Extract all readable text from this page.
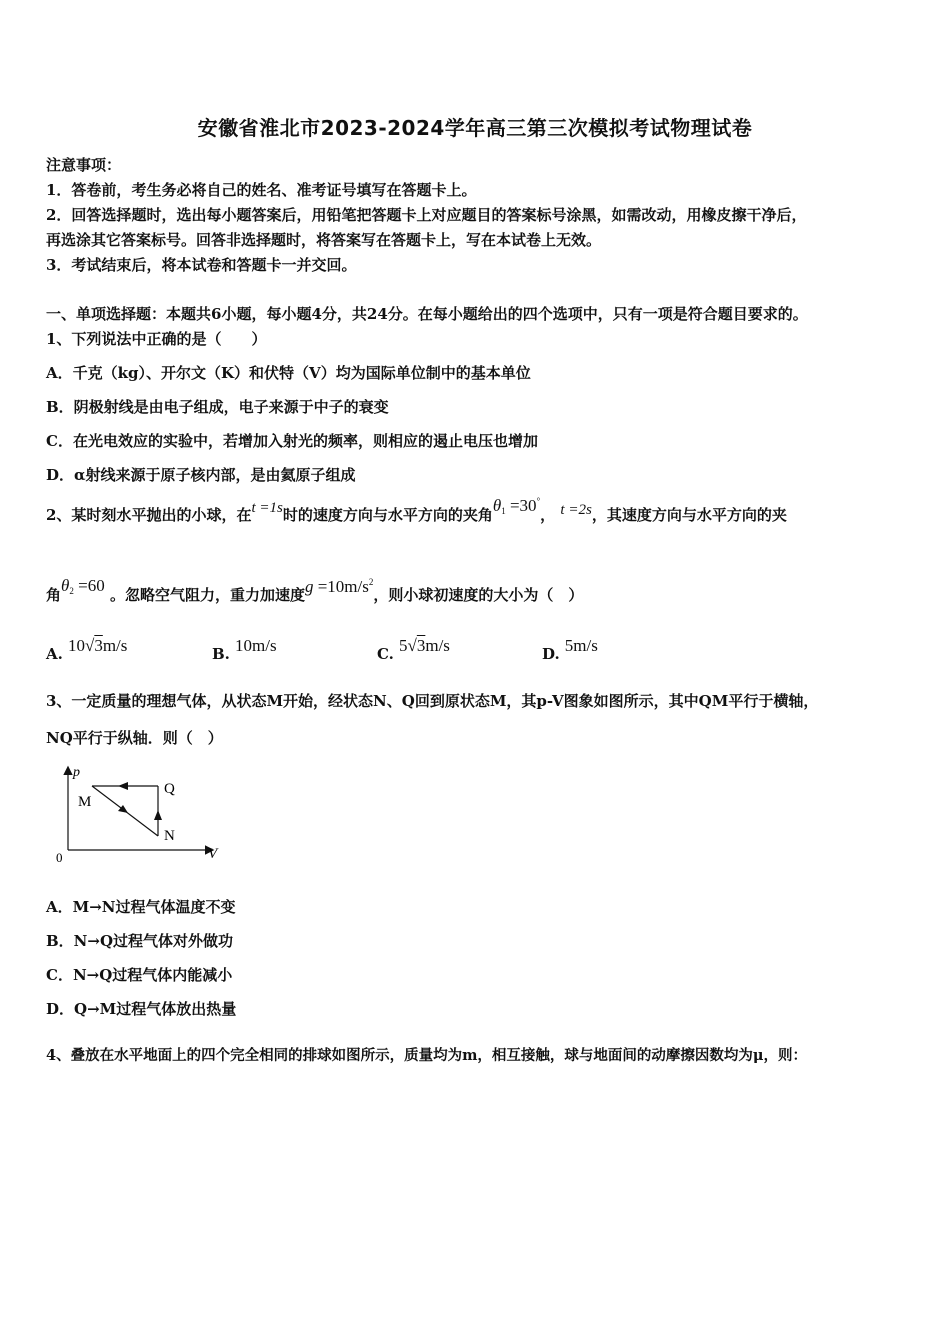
安徽省淮北市2023-2024学年高三第三次模拟考试物理试卷
注意事项：
1．答卷前，考生务必将自己的姓名、准考证号填写在答题卡上。
2．回答选择题时，选出每小题答案后，用铅笔把答题卡上对应题目的答案标号涂黑，如需改动，用橡皮擦干净后，
再选涂其它答案标号。回答非选择题时，将答案写在答题卡上，写在本试卷上无效。
3．考试结束后，将本试卷和答题卡一并交回。
一、单项选择题：本题共6小题，每小题4分，共24分。在每小题给出的四个选项中，只有一项是符合题目要求的。
1、下列说法中正确的是（　　）
A．千克（kg）、开尔文（K）和伏特（V）均为国际单位制中的基本单位
B．阴极射线是由电子组成，电子来源于中子的衰变
C．在光电效应的实验中，若增加入射光的频率，则相应的遏止电压也增加
D．α射线来源于原子核内部，是由氦原子组成
2、某时刻水平抛出的小球，在t =1s时的速度方向与水平方向的夹角$\theta_1 =30^\circ$， t =2s，其速度方向与水平方向的夹
角$\theta_2 =60$ 。忽略空气阻力，重力加速度$g =10m/s^2$，则小球初速度的大小为（　）
A. 10√3m/s	B. 10m/s	C. 5√3m/s	D. 5m/s
3、一定质量的理想气体，从状态M开始，经状态N、Q回到原状态M，其p-V图象如图所示，其中QM平行于横轴，
NQ平行于纵轴．则（　）
p
V
0
M
Q
N
A．M→N过程气体温度不变
B．N→Q过程气体对外做功
C．N→Q过程气体内能减小
D．Q→M过程气体放出热量
4、叠放在水平地面上的四个完全相同的排球如图所示，质量均为m，相互接触，球与地面间的动摩擦因数均为μ，则：
